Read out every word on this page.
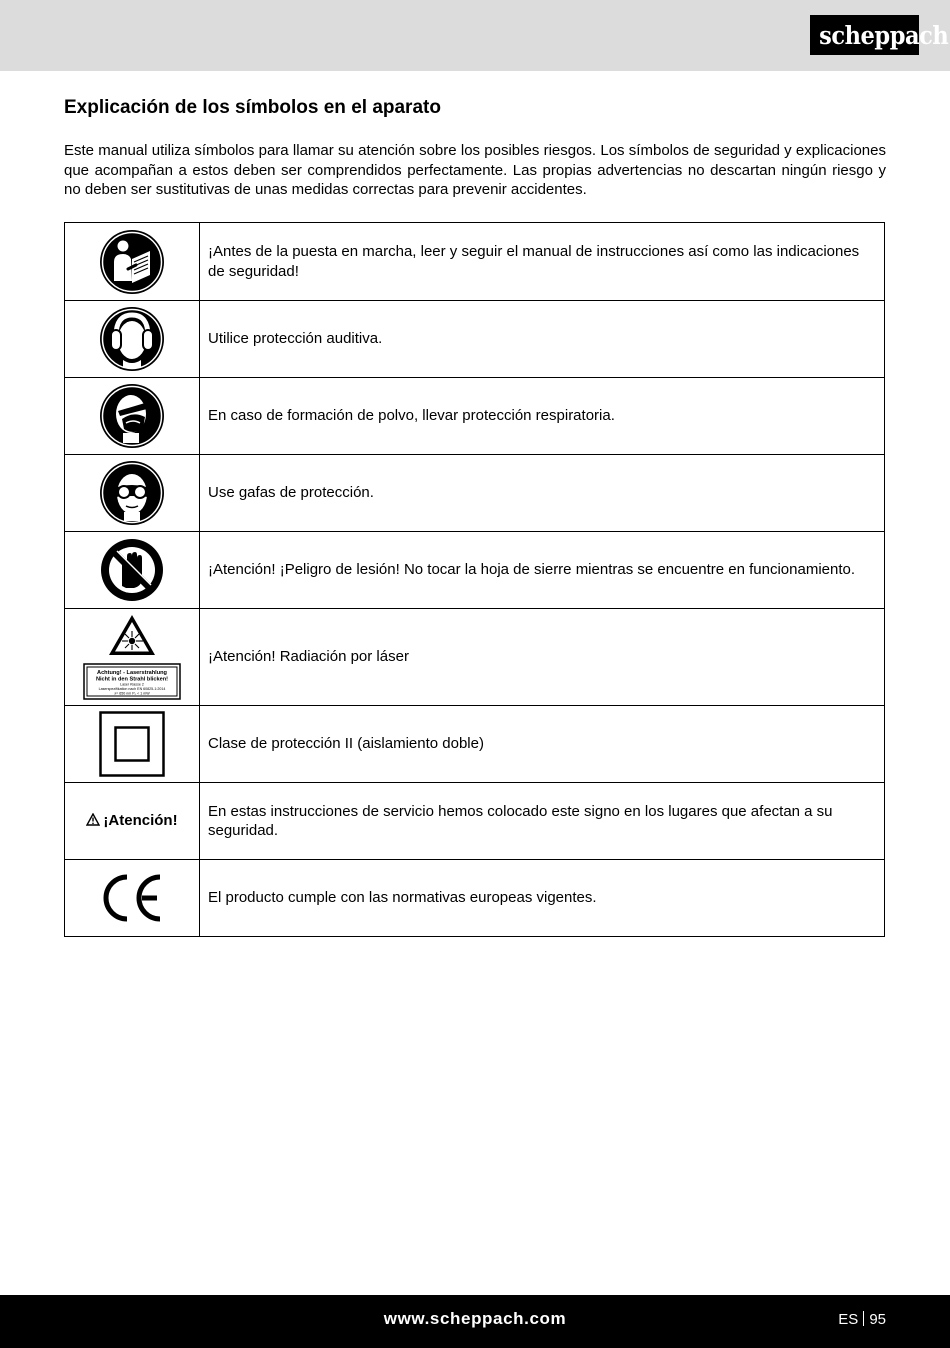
scheppach
Explicación de los símbolos en el aparato

Este manual utiliza símbolos para llamar su atención sobre los posibles riesgos. Los símbolos de seguridad y explicaciones que acompañan a estos deben ser comprendidos perfectamente. Las propias advertencias no descartan ningún riesgo y no deben ser sustitutivas de unas medidas correctas para prevenir accidentes.

	¡Antes de la puesta en marcha, leer y seguir el manual de instrucciones así como las indicaciones de seguridad!

	Utilice protección auditiva.

	En caso de formación de polvo, llevar protección respiratoria.

	Use gafas de protección.

	¡Atención! ¡Peligro de lesión! No tocar la hoja de sierre mientras se encuentre en funcionamiento.

Achtung! - Laserstrahlung
Nicht in den Strahl blicken!
Laser Klasse 2
Laserspezifikation nach EN 60825-1:2014
λ= 650 nm P₀ < 1 mW	¡Atención! Radiación por láser

	Clase de protección II (aislamiento doble)
¡Atención!	En estas instrucciones de servicio hemos colocado este signo en los lugares que afectan a su seguridad.

	El producto cumple con las normativas europeas vigentes.
www.scheppach.com	ES 95
